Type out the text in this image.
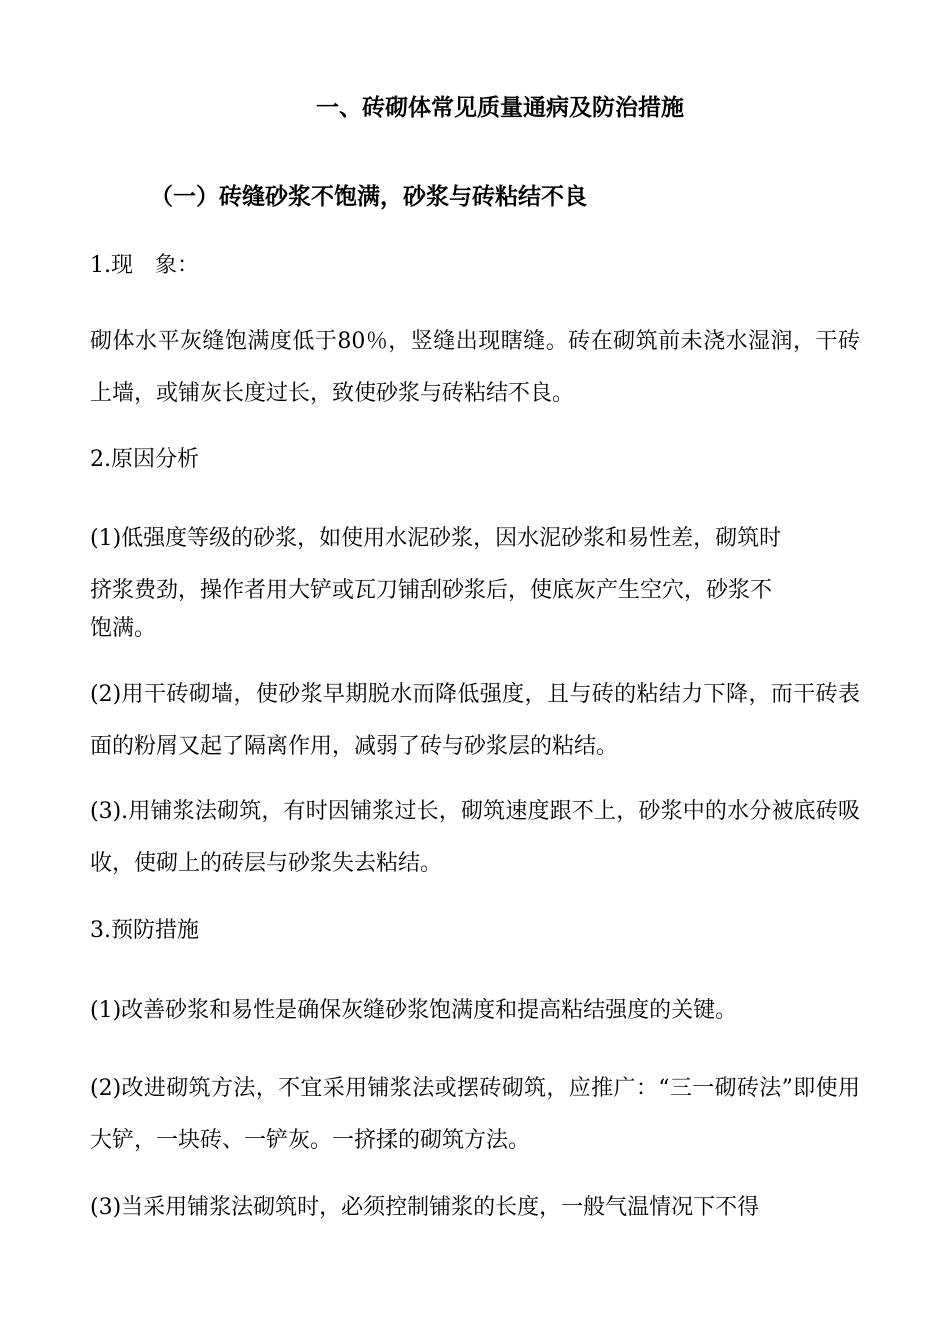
一、砖砌体常见质量通病及防治措施
（一）砖缝砂浆不饱满，砂浆与砖粘结不良

1.现　象：

砌体水平灰缝饱满度低于80％，竖缝出现瞎缝。砖在砌筑前未浇水湿润，干砖上墙，或铺灰长度过长，致使砂浆与砖粘结不良。

2.原因分析

(1)低强度等级的砂浆，如使用水泥砂浆，因水泥砂浆和易性差，砌筑时

挤浆费劲，操作者用大铲或瓦刀铺刮砂浆后，使底灰产生空穴，砂浆不

饱满。

(2)用干砖砌墙，使砂浆早期脱水而降低强度，且与砖的粘结力下降，而干砖表面的粉屑又起了隔离作用，减弱了砖与砂浆层的粘结。

(3).用铺浆法砌筑，有时因铺浆过长，砌筑速度跟不上，砂浆中的水分被底砖吸收，使砌上的砖层与砂浆失去粘结。

3.预防措施

(1)改善砂浆和易性是确保灰缝砂浆饱满度和提高粘结强度的关键。

(2)改进砌筑方法，不宜采用铺浆法或摆砖砌筑，应推广：“三一砌砖法”即使用大铲，一块砖、一铲灰。一挤揉的砌筑方法。

(3)当采用铺浆法砌筑时，必须控制铺浆的长度，一般气温情况下不得
